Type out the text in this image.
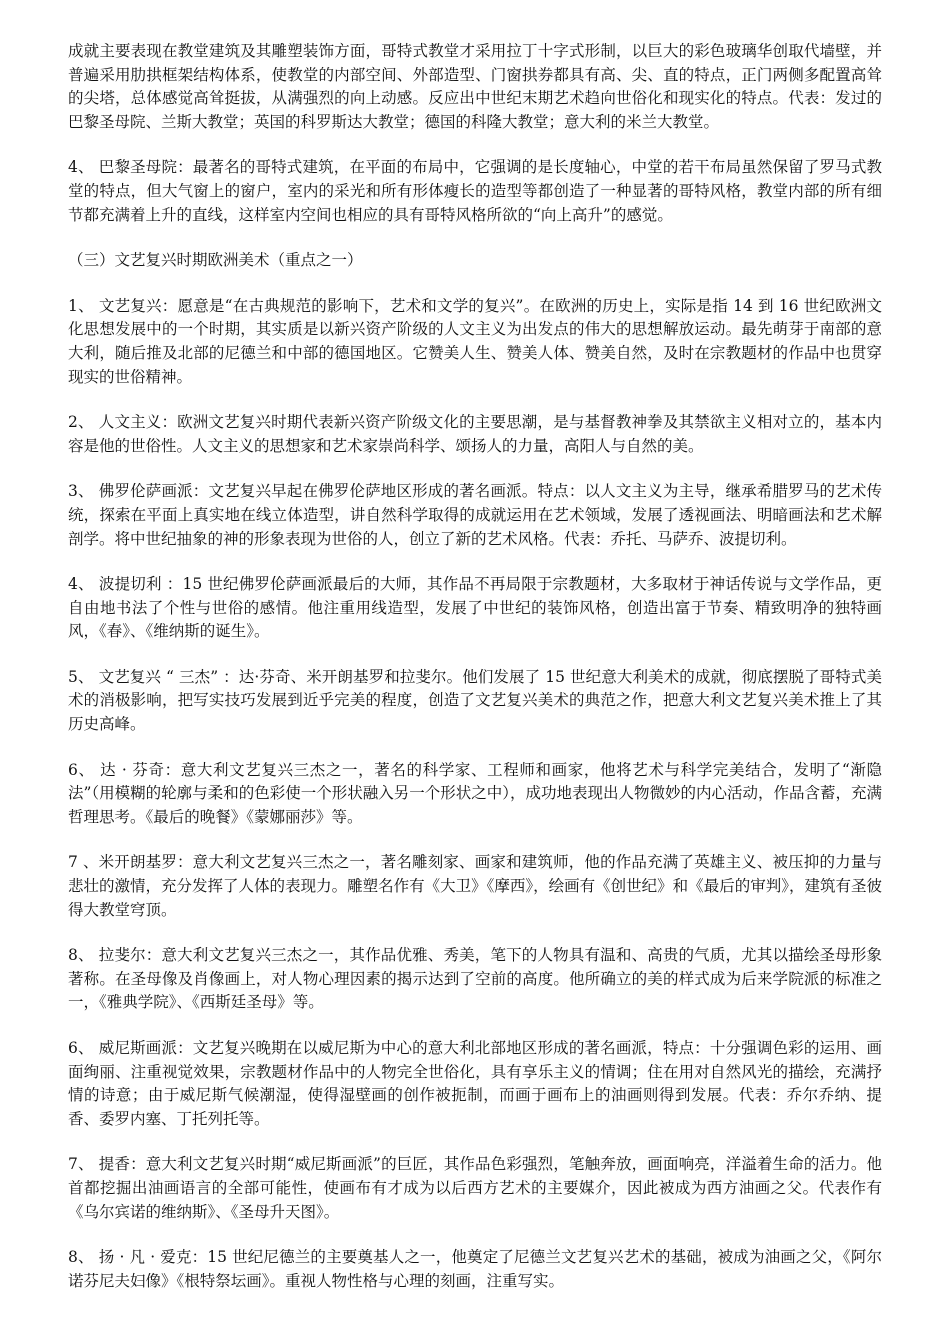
成就主要表现在教堂建筑及其雕塑装饰方面，哥特式教堂才采用拉丁十字式形制，以巨大的彩色玻璃华创取代墙壁，并普遍采用肋拱框架结构体系，使教堂的内部空间、外部造型、门窗拱券都具有高、尖、直的特点，正门两侧多配置高耸的尖塔，总体感觉高耸挺拔，从满强烈的向上动感。反应出中世纪末期艺术趋向世俗化和现实化的特点。代表：发过的巴黎圣母院、兰斯大教堂；英国的科罗斯达大教堂；德国的科隆大教堂；意大利的米兰大教堂。

4、 巴黎圣母院：最著名的哥特式建筑，在平面的布局中，它强调的是长度轴心，中堂的若干布局虽然保留了罗马式教堂的特点，但大气窗上的窗户，室内的采光和所有形体瘦长的造型等都创造了一种显著的哥特风格，教堂内部的所有细节都充满着上升的直线，这样室内空间也相应的具有哥特风格所欲的“向上高升”的感觉。

（三）文艺复兴时期欧洲美术（重点之一）

1、 文艺复兴：愿意是“在古典规范的影响下，艺术和文学的复兴”。在欧洲的历史上，实际是指 14 到 16 世纪欧洲文化思想发展中的一个时期，其实质是以新兴资产阶级的人文主义为出发点的伟大的思想解放运动。最先萌芽于南部的意大利，随后推及北部的尼德兰和中部的德国地区。它赞美人生、赞美人体、赞美自然，及时在宗教题材的作品中也贯穿现实的世俗精神。

2、 人文主义：欧洲文艺复兴时期代表新兴资产阶级文化的主要思潮，是与基督教神拳及其禁欲主义相对立的，基本内容是他的世俗性。人文主义的思想家和艺术家崇尚科学、颂扬人的力量，高阳人与自然的美。

3、 佛罗伦萨画派：文艺复兴早起在佛罗伦萨地区形成的著名画派。特点：以人文主义为主导，继承希腊罗马的艺术传统，探索在平面上真实地在线立体造型，讲自然科学取得的成就运用在艺术领域，发展了透视画法、明暗画法和艺术解剖学。将中世纪抽象的神的形象表现为世俗的人，创立了新的艺术风格。代表：乔托、马萨乔、波提切利。

4、 波提切利 ：15 世纪佛罗伦萨画派最后的大师，其作品不再局限于宗教题材，大多取材于神话传说与文学作品，更自由地书法了个性与世俗的感情。他注重用线造型，发展了中世纪的装饰风格，创造出富于节奏、精致明净的独特画风，《春》、《维纳斯的诞生》。

5、 文艺复兴 “ 三杰” ：达·芬奇、米开朗基罗和拉斐尔。他们发展了 15 世纪意大利美术的成就，彻底摆脱了哥特式美术的消极影响，把写实技巧发展到近乎完美的程度，创造了文艺复兴美术的典范之作，把意大利文艺复兴美术推上了其历史高峰。

6、 达 · 芬奇：意大利文艺复兴三杰之一，著名的科学家、工程师和画家，他将艺术与科学完美结合，发明了“渐隐法”（用模糊的轮廓与柔和的色彩使一个形状融入另一个形状之中），成功地表现出人物微妙的内心活动，作品含蓄，充满哲理思考。《最后的晚餐》《蒙娜丽莎》等。

7 、米开朗基罗：意大利文艺复兴三杰之一，著名雕刻家、画家和建筑师，他的作品充满了英雄主义、被压抑的力量与悲壮的激情，充分发挥了人体的表现力。雕塑名作有《大卫》《摩西》，绘画有《创世纪》和《最后的审判》，建筑有圣彼得大教堂穹顶。

8、 拉斐尔：意大利文艺复兴三杰之一，其作品优雅、秀美，笔下的人物具有温和、高贵的气质，尤其以描绘圣母形象著称。在圣母像及肖像画上，对人物心理因素的揭示达到了空前的高度。他所确立的美的样式成为后来学院派的标准之一，《雅典学院》、《西斯廷圣母》等。

6、 威尼斯画派：文艺复兴晚期在以威尼斯为中心的意大利北部地区形成的著名画派，特点：十分强调色彩的运用、画面绚丽、注重视觉效果，宗教题材作品中的人物完全世俗化，具有享乐主义的情调；住在用对自然风光的描绘，充满抒情的诗意；由于威尼斯气候潮湿，使得湿壁画的创作被扼制，而画于画布上的油画则得到发展。代表：乔尔乔纳、提香、委罗内塞、丁托列托等。

7、 提香：意大利文艺复兴时期“威尼斯画派”的巨匠，其作品色彩强烈，笔触奔放，画面响亮，洋溢着生命的活力。他首都挖掘出油画语言的全部可能性，使画布有才成为以后西方艺术的主要媒介，因此被成为西方油画之父。代表作有《乌尔宾诺的维纳斯》、《圣母升天图》。

8、 扬 · 凡 · 爱克：15 世纪尼德兰的主要奠基人之一，他奠定了尼德兰文艺复兴艺术的基础，被成为油画之父，《阿尔诺芬尼夫妇像》《根特祭坛画》。重视人物性格与心理的刻画，注重写实。
